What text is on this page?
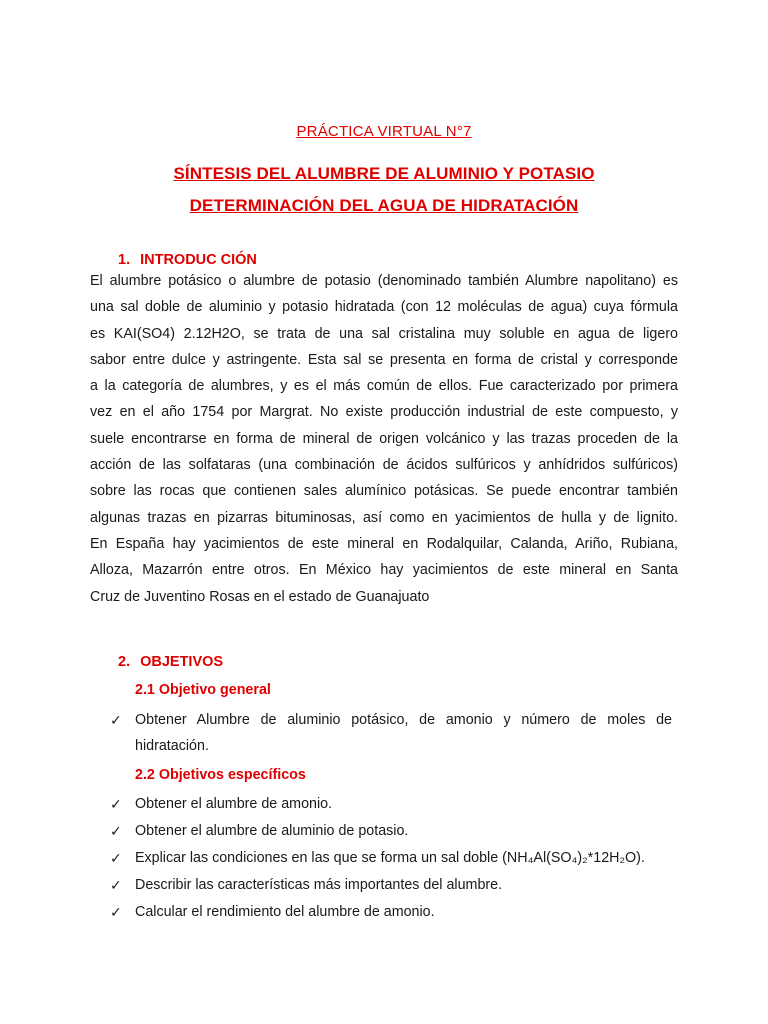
PRÁCTICA VIRTUAL N°7
SÍNTESIS DEL ALUMBRE DE ALUMINIO Y POTASIO
DETERMINACIÓN DEL AGUA DE HIDRATACIÓN
1. INTRODUC CIÓN
El alumbre potásico o alumbre de potasio (denominado también Alumbre napolitano) es
una sal doble de aluminio y potasio hidratada (con 12 moléculas de agua) cuya fórmula
es KAI(SO4) 2.12H2O, se trata de una sal cristalina muy soluble en agua de ligero
sabor entre dulce y astringente. Esta sal se presenta en forma de cristal y corresponde
a la categoría de alumbres, y es el más común de ellos. Fue caracterizado por primera
vez en el año 1754 por Margrat. No existe producción industrial de este compuesto, y
suele encontrarse en forma de mineral de origen volcánico y las trazas proceden de la
acción de las solfataras (una combinación de ácidos sulfúricos y anhídridos sulfúricos)
sobre las rocas que contienen sales alumínico potásicas. Se puede encontrar también
algunas trazas en pizarras bituminosas, así como en yacimientos de hulla y de lignito.
En España hay yacimientos de este mineral en Rodalquilar, Calanda, Ariño, Rubiana,
Alloza, Mazarrón entre otros. En México hay yacimientos de este mineral en Santa
Cruz de Juventino Rosas en el estado de Guanajuato
2. OBJETIVOS
2.1 Objetivo general
✓ Obtener Alumbre de aluminio potásico, de amonio y número de moles de
hidratación.
2.2 Objetivos específicos
✓ Obtener el alumbre de amonio.
✓ Obtener el alumbre de aluminio de potasio.
✓ Explicar las condiciones en las que se forma un sal doble (NH₄Al(SO₄)₂*12H₂O).
✓ Describir las características más importantes del alumbre.
✓ Calcular el rendimiento del alumbre de amonio.
